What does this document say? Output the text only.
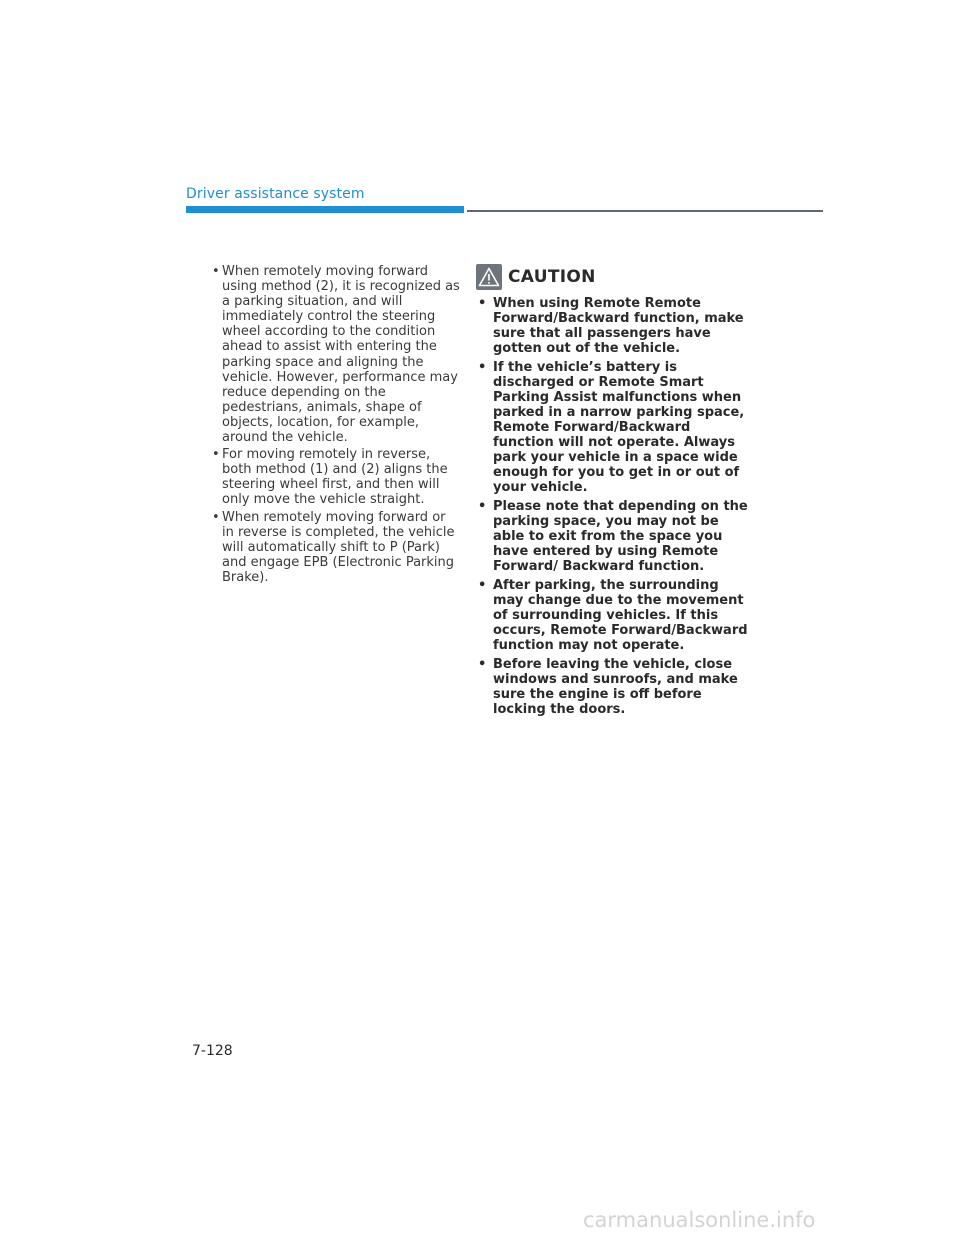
Driver assistance system
• When remotely moving forward using method (2), it is recognized as a parking situation, and will immediately control the steering wheel according to the condition ahead to assist with entering the parking space and aligning the vehicle. However, performance may reduce depending on the pedestrians, animals, shape of objects, location, for example, around the vehicle.
• For moving remotely in reverse, both method (1) and (2) aligns the steering wheel first, and then will only move the vehicle straight.
• When remotely moving forward or in reverse is completed, the vehicle will automatically shift to P (Park) and engage EPB (Electronic Parking Brake).
CAUTION
• When using Remote Remote Forward/Backward function, make sure that all passengers have gotten out of the vehicle.
• If the vehicle’s battery is discharged or Remote Smart Parking Assist malfunctions when parked in a narrow parking space, Remote Forward/Backward function will not operate. Always park your vehicle in a space wide enough for you to get in or out of your vehicle.
• Please note that depending on the parking space, you may not be able to exit from the space you have entered by using Remote Forward/ Backward function.
• After parking, the surrounding may change due to the movement of surrounding vehicles. If this occurs, Remote Forward/Backward function may not operate.
• Before leaving the vehicle, close windows and sunroofs, and make sure the engine is off before locking the doors.
7-128
carmanualsonline.info
